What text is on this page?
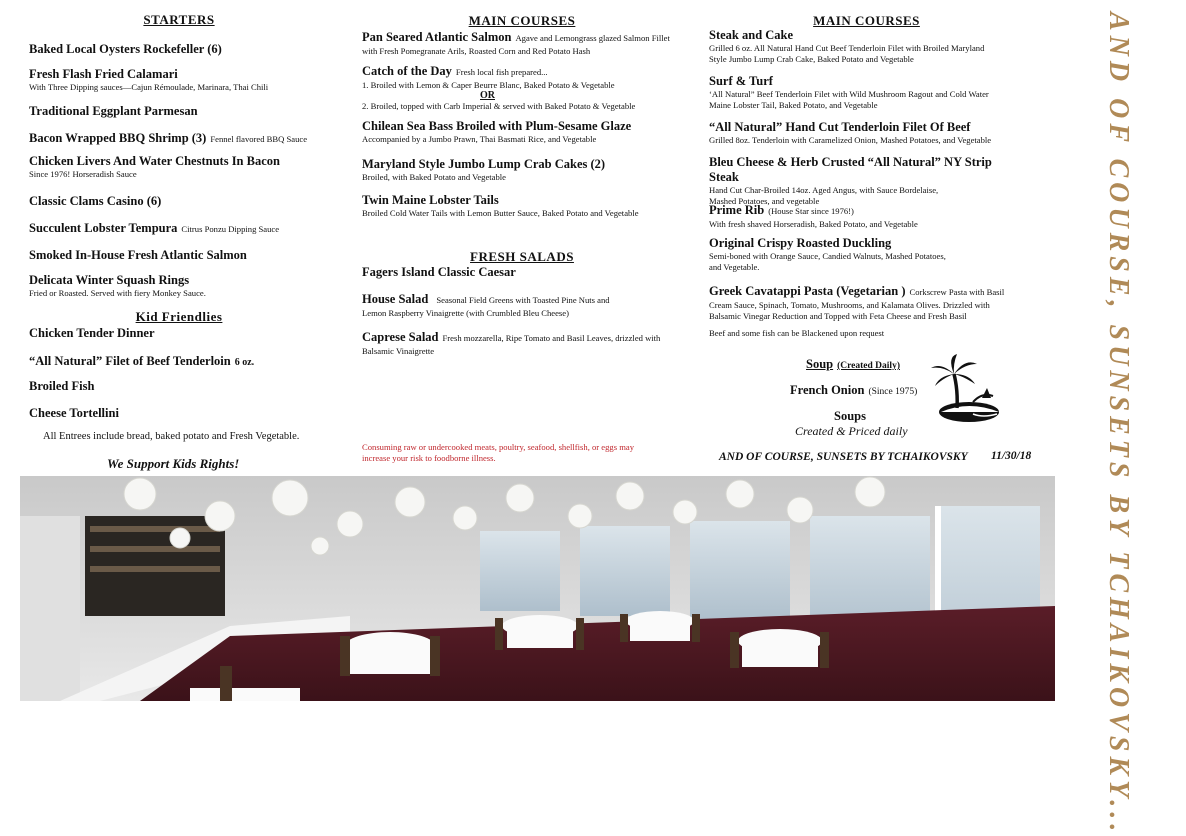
STARTERS
Baked Local Oysters Rockefeller (6)
Fresh Flash Fried Calamari
With Three Dipping sauces—Cajun Rémoulade, Marinara, Thai Chili
Traditional Eggplant Parmesan
Bacon Wrapped BBQ Shrimp (3) Fennel flavored BBQ Sauce
Chicken Livers And Water Chestnuts In Bacon
Since 1976! Horseradish Sauce
Classic Clams Casino (6)
Succulent Lobster Tempura Citrus Ponzu Dipping Sauce
Smoked In-House Fresh Atlantic Salmon
Delicata Winter Squash Rings
Fried or Roasted. Served with fiery Monkey Sauce.
Kid Friendlies
Chicken Tender Dinner
“All Natural” Filet of Beef Tenderloin 6 oz.
Broiled Fish
Cheese Tortellini
All Entrees include bread, baked potato and Fresh Vegetable.
We Support Kids Rights!
MAIN COURSES
Pan Seared Atlantic Salmon Agave and Lemongrass glazed Salmon Fillet
with Fresh Pomegranate Arils, Roasted Corn and Red Potato Hash
Catch of the Day Fresh local fish prepared...
1. Broiled with Lemon & Caper Beurre Blanc, Baked Potato & Vegetable
OR
2. Broiled, topped with Carb Imperial & served with Baked Potato & Vegetable
Chilean Sea Bass Broiled with Plum-Sesame Glaze
Accompanied by a Jumbo Prawn, Thai Basmati Rice, and Vegetable
Maryland Style Jumbo Lump Crab Cakes (2)
Broiled, with Baked Potato and Vegetable
Twin Maine Lobster Tails
Broiled Cold Water Tails with Lemon Butter Sauce, Baked Potato and Vegetable
FRESH SALADS
Fagers Island Classic Caesar
House Salad Seasonal Field Greens with Toasted Pine Nuts and
Lemon Raspberry Vinaigrette (with Crumbled Bleu Cheese)
Caprese Salad Fresh mozzarella, Ripe Tomato and Basil Leaves, drizzled with
Balsamic Vinaigrette
Consuming raw or undercooked meats, poultry, seafood, shellfish, or eggs may
increase your risk to foodborne illness.
MAIN COURSES
Steak and Cake
Grilled 6 oz. All Natural Hand Cut Beef Tenderloin Filet with Broiled Maryland
Style Jumbo Lump Crab Cake, Baked Potato and Vegetable
Surf & Turf
‘All Natural” Beef Tenderloin Filet with Wild Mushroom Ragout and Cold Water
Maine Lobster Tail, Baked Potato, and Vegetable
“All Natural” Hand Cut Tenderloin Filet Of Beef
Grilled 8oz. Tenderloin with Caramelized Onion, Mashed Potatoes, and Vegetable
Bleu Cheese & Herb Crusted “All Natural” NY Strip Steak
Hand Cut Char-Broiled 14oz. Aged Angus, with Sauce Bordelaise,
Mashed Potatoes, and vegetable
Prime Rib (House Star since 1976!)
With fresh shaved Horseradish, Baked Potato, and Vegetable
Original Crispy Roasted Duckling
Semi-boned with Orange Sauce, Candied Walnuts, Mashed Potatoes,
and Vegetable.
Greek Cavatappi Pasta (Vegetarian ) Corkscrew Pasta with Basil
Cream Sauce, Spinach, Tomato, Mushrooms, and Kalamata Olives. Drizzled with
Balsamic Vinegar Reduction and Topped with Feta Cheese and Fresh Basil
Beef and some fish can be Blackened upon request
Soup (Created Daily)
French Onion (Since 1975)
Soups
Created & Priced daily
AND OF COURSE, SUNSETS BY TCHAIKOVSKY	11/30/18	AND OF COURSE, SUNSETS BY TCHAIKOVSKY...
